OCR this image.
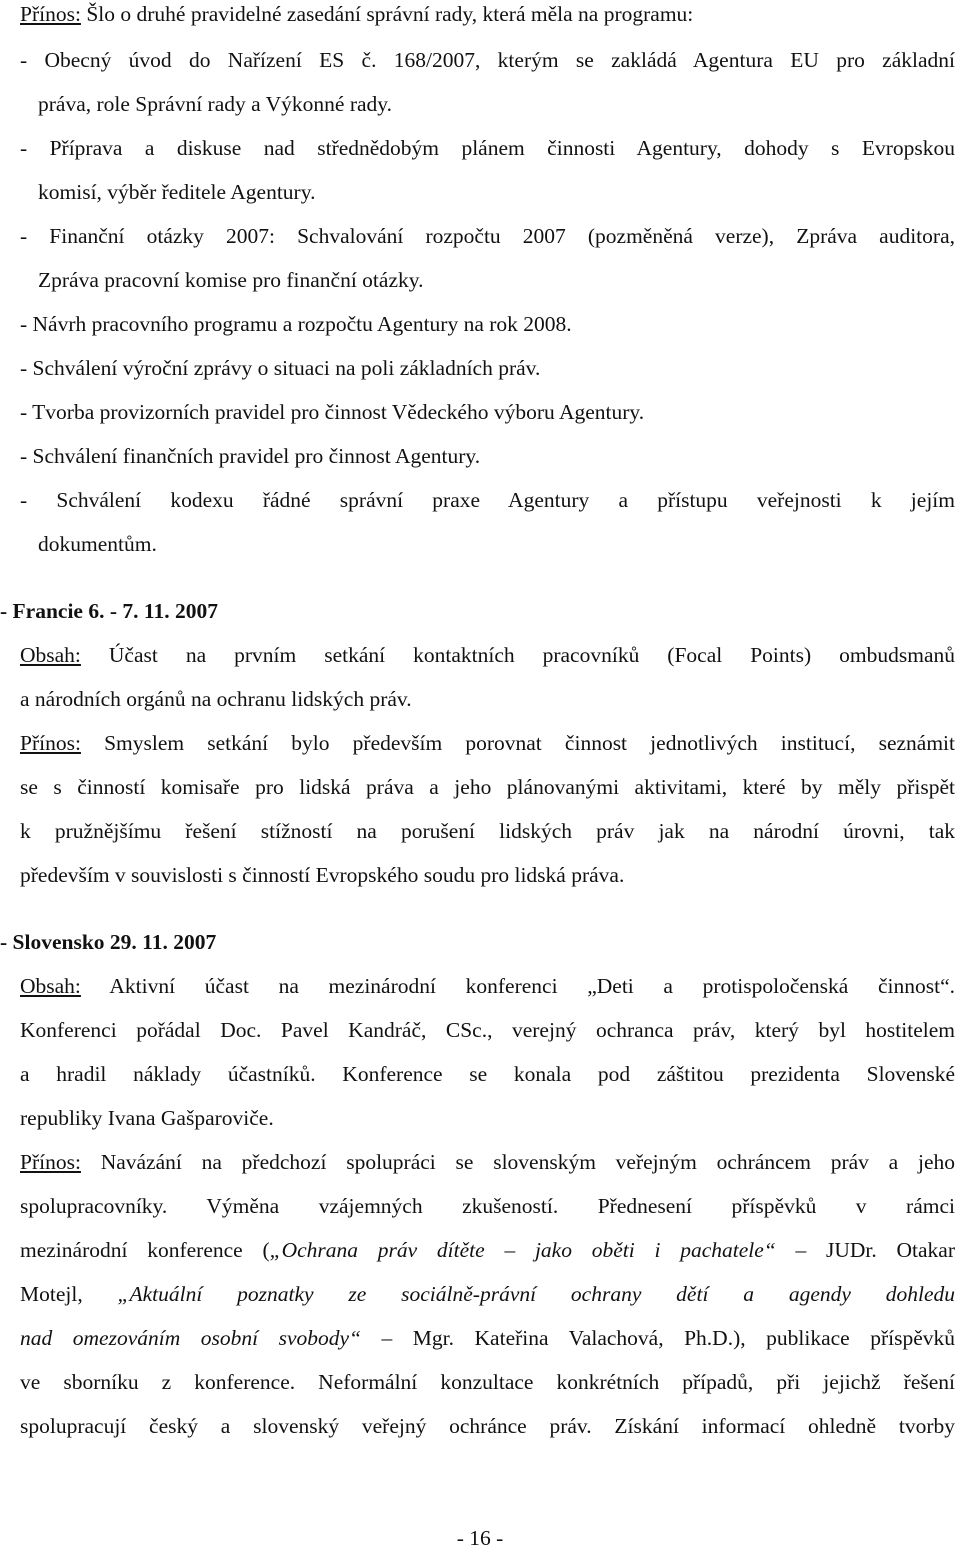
Přínos: Šlo o druhé pravidelné zasedání správní rady, která měla na programu:
- Obecný úvod do Nařízení ES č. 168/2007, kterým se zakládá Agentura EU pro základní
práva, role Správní rady a Výkonné rady.
- Příprava a diskuse nad střednědobým plánem činnosti Agentury, dohody s Evropskou
komisí, výběr ředitele Agentury.
- Finanční otázky 2007: Schvalování rozpočtu 2007 (pozměněná verze), Zpráva auditora,
Zpráva pracovní komise pro finanční otázky.
- Návrh pracovního programu a rozpočtu Agentury na rok 2008.
- Schválení výroční zprávy o situaci na poli základních práv.
- Tvorba provizorních pravidel pro činnost Vědeckého výboru Agentury.
- Schválení finančních pravidel pro činnost Agentury.
- Schválení kodexu řádné správní praxe Agentury a přístupu veřejnosti k jejím
dokumentům.
- Francie 6. - 7. 11. 2007
Obsah: Účast na prvním setkání kontaktních pracovníků (Focal Points) ombudsmanů
a národních orgánů na ochranu lidských práv.
Přínos: Smyslem setkání bylo především porovnat činnost jednotlivých institucí, seznámit
se s činností komisaře pro lidská práva a jeho plánovanými aktivitami, které by měly přispět
k pružnějšímu řešení stížností na porušení lidských práv jak na národní úrovni, tak
především v souvislosti s činností Evropského soudu pro lidská práva.
- Slovensko 29. 11. 2007
Obsah: Aktivní účast na mezinárodní konferenci „Deti a protispoločenská činnost“.
Konferenci pořádal Doc. Pavel Kandráč, CSc., verejný ochranca práv, který byl hostitelem
a hradil náklady účastníků. Konference se konala pod záštitou prezidenta Slovenské
republiky Ivana Gašparoviče.
Přínos: Navázání na předchozí spolupráci se slovenským veřejným ochráncem práv a jeho
spolupracovníky. Výměna vzájemných zkušeností. Přednesení příspěvků v rámci
mezinárodní konference („Ochrana práv dítěte – jako oběti i pachatele“ – JUDr. Otakar
Motejl, „Aktuální poznatky ze sociálně-právní ochrany dětí a agendy dohledu
nad omezováním osobní svobody“ – Mgr. Kateřina Valachová, Ph.D.), publikace příspěvků
ve sborníku z konference. Neformální konzultace konkrétních případů, při jejichž řešení
spolupracují český a slovenský veřejný ochránce práv. Získání informací ohledně tvorby
- 16 -
